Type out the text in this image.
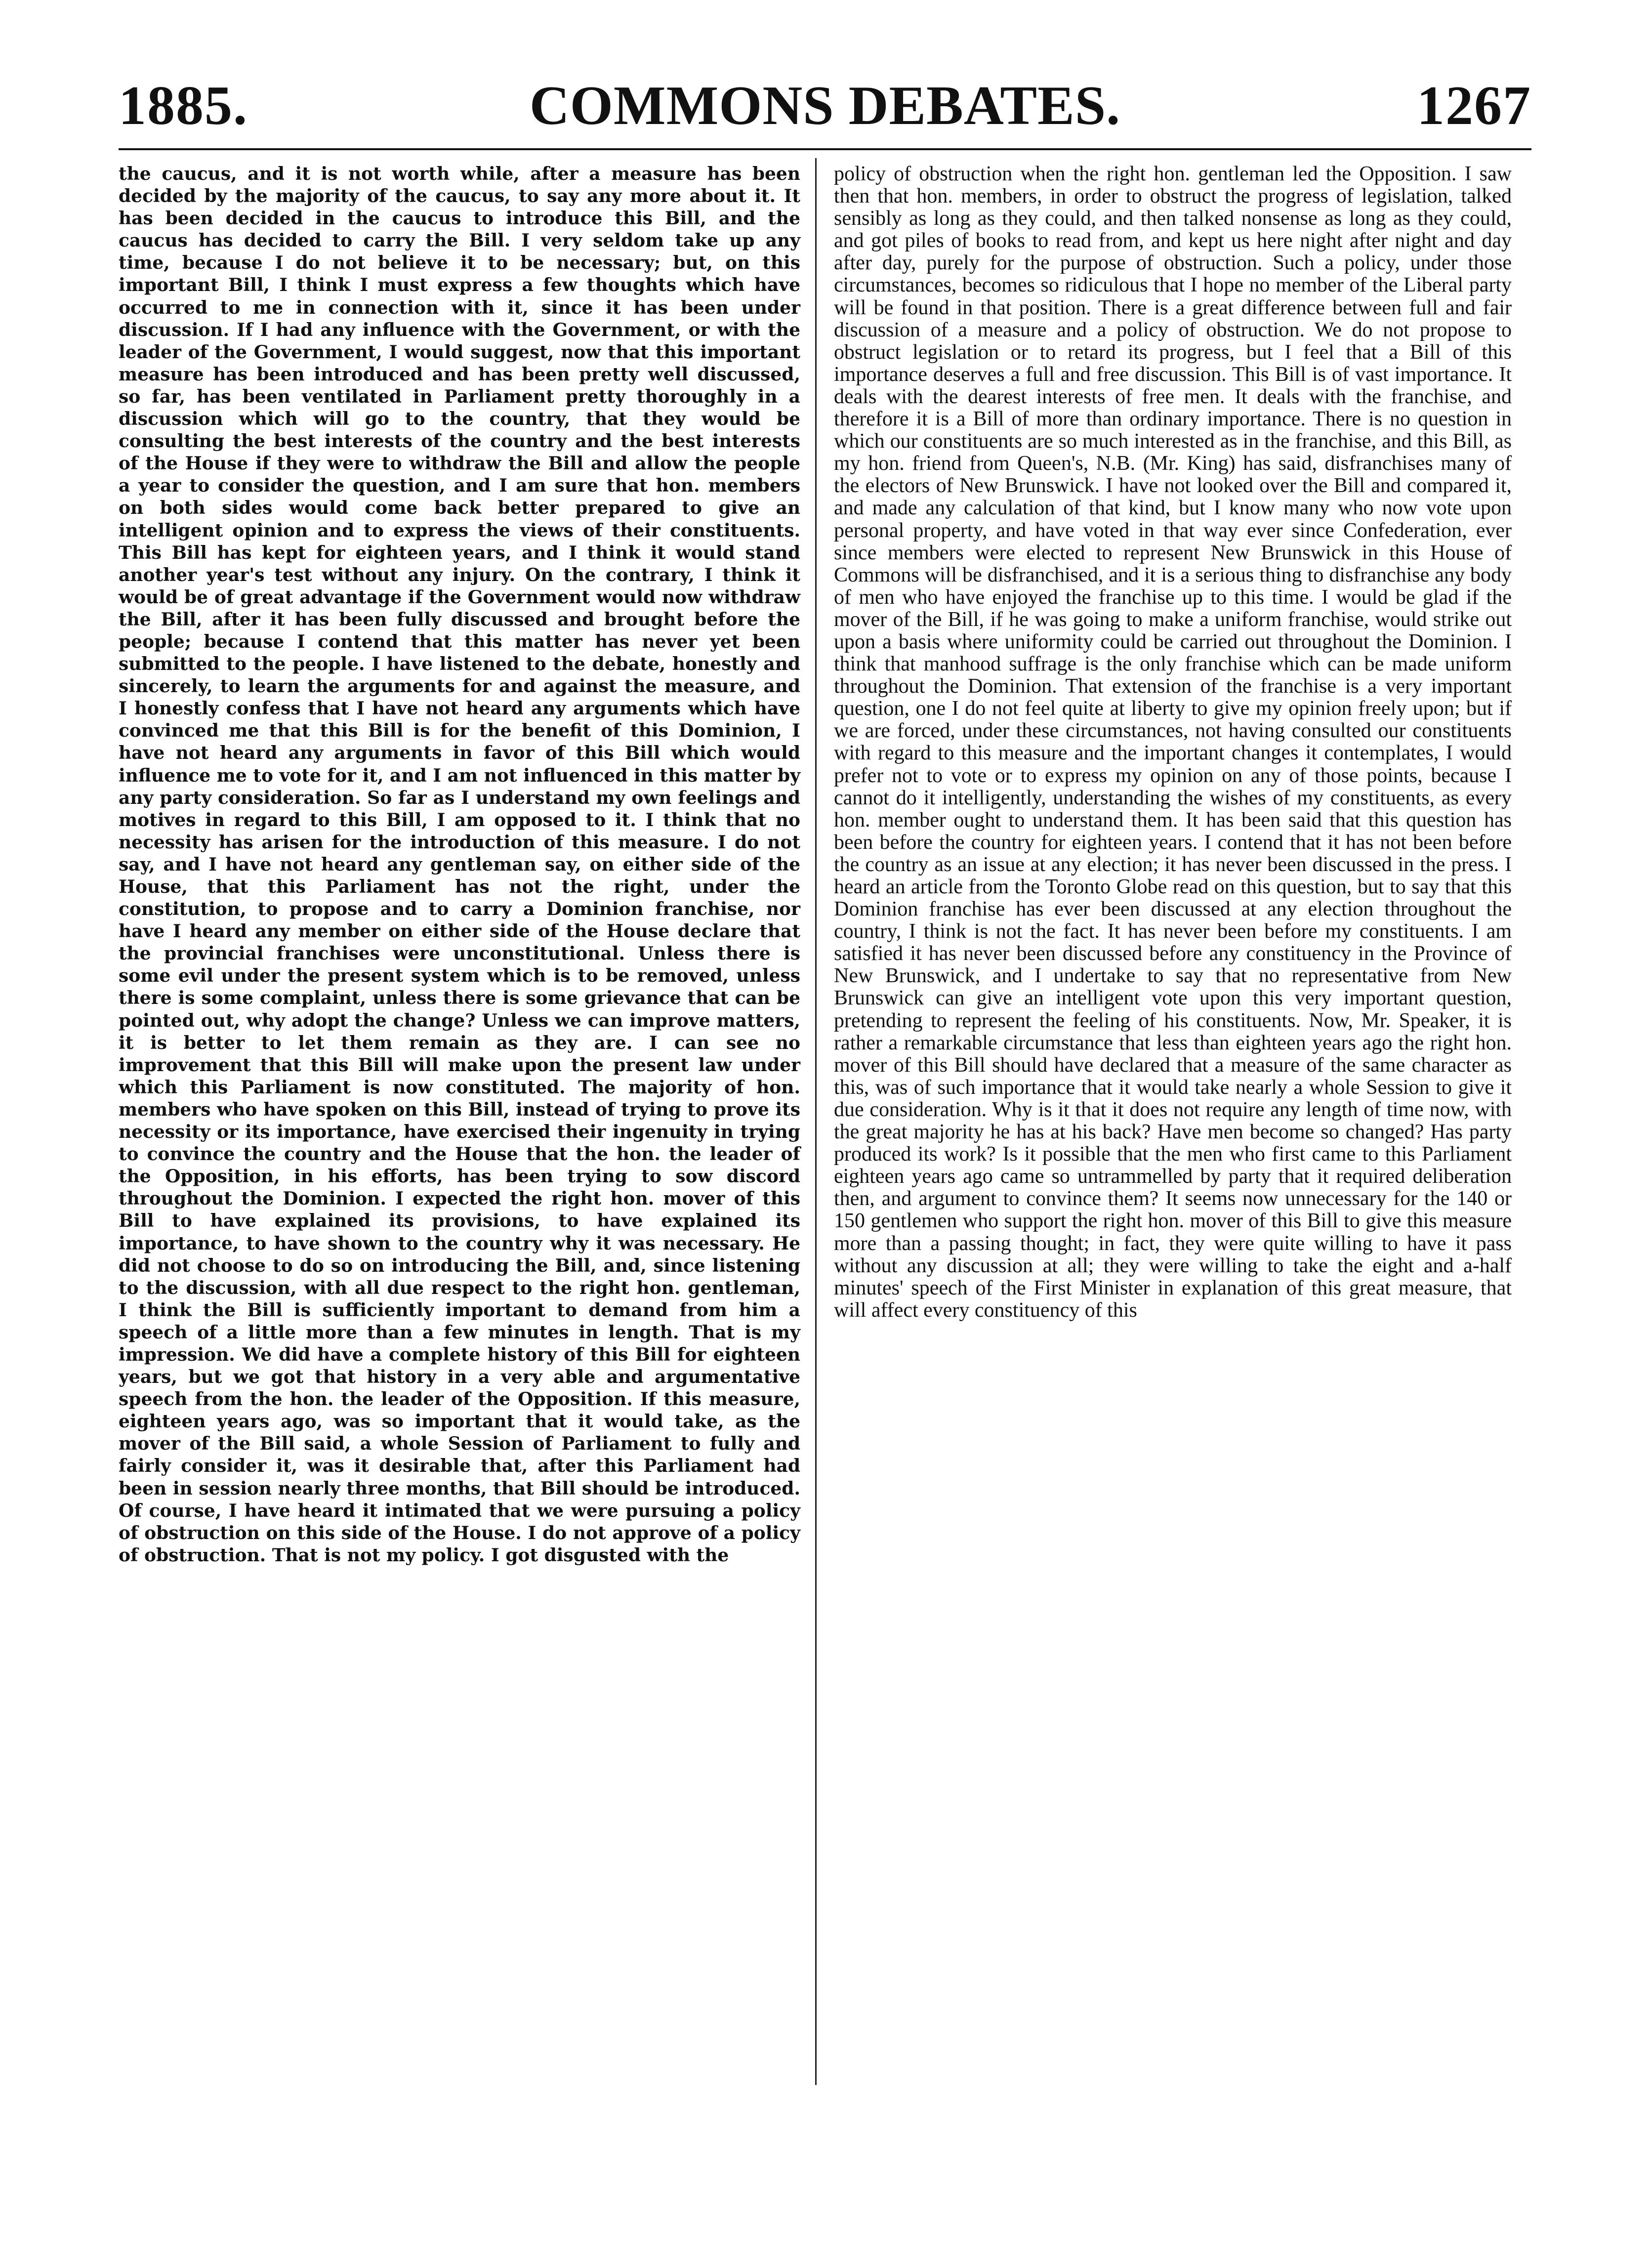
1885.	COMMONS DEBATES.	1267

the caucus, and it is not worth while, after a measure has been decided by the majority of the caucus, to say any more about it. It has been decided in the caucus to introduce this Bill, and the caucus has decided to carry the Bill. I very seldom take up any time, because I do not believe it to be necessary; but, on this important Bill, I think I must express a few thoughts which have occurred to me in connection with it, since it has been under discussion. If I had any influence with the Government, or with the leader of the Government, I would suggest, now that this important measure has been introduced and has been pretty well discussed, so far, has been ventilated in Parliament pretty thoroughly in a discussion which will go to the country, that they would be consulting the best interests of the country and the best interests of the House if they were to withdraw the Bill and allow the people a year to consider the question, and I am sure that hon. members on both sides would come back better prepared to give an intelligent opinion and to express the views of their constituents. This Bill has kept for eighteen years, and I think it would stand another year's test without any injury. On the contrary, I think it would be of great advantage if the Government would now withdraw the Bill, after it has been fully discussed and brought before the people; because I contend that this matter has never yet been submitted to the people. I have listened to the debate, honestly and sincerely, to learn the arguments for and against the measure, and I honestly confess that I have not heard any arguments which have convinced me that this Bill is for the benefit of this Dominion, I have not heard any arguments in favor of this Bill which would influence me to vote for it, and I am not influenced in this matter by any party consideration. So far as I understand my own feelings and motives in regard to this Bill, I am opposed to it. I think that no necessity has arisen for the introduction of this measure. I do not say, and I have not heard any gentleman say, on either side of the House, that this Parliament has not the right, under the constitution, to propose and to carry a Dominion franchise, nor have I heard any member on either side of the House declare that the provincial franchises were unconstitutional. Unless there is some evil under the present system which is to be removed, unless there is some complaint, unless there is some grievance that can be pointed out, why adopt the change? Unless we can improve matters, it is better to let them remain as they are. I can see no improvement that this Bill will make upon the present law under which this Parliament is now constituted. The majority of hon. members who have spoken on this Bill, instead of trying to prove its necessity or its importance, have exercised their ingenuity in trying to convince the country and the House that the hon. the leader of the Opposition, in his efforts, has been trying to sow discord throughout the Dominion. I expected the right hon. mover of this Bill to have explained its provisions, to have explained its importance, to have shown to the country why it was necessary. He did not choose to do so on introducing the Bill, and, since listening to the discussion, with all due respect to the right hon. gentleman, I think the Bill is sufficiently important to demand from him a speech of a little more than a few minutes in length. That is my impression. We did have a complete history of this Bill for eighteen years, but we got that history in a very able and argumentative speech from the hon. the leader of the Opposition. If this measure, eighteen years ago, was so important that it would take, as the mover of the Bill said, a whole Session of Parliament to fully and fairly consider it, was it desirable that, after this Parliament had been in session nearly three months, that Bill should be introduced. Of course, I have heard it intimated that we were pursuing a policy of obstruction on this side of the House. I do not approve of a policy of obstruction. That is not my policy. I got disgusted with the

policy of obstruction when the right hon. gentleman led the Opposition. I saw then that hon. members, in order to obstruct the progress of legislation, talked sensibly as long as they could, and then talked nonsense as long as they could, and got piles of books to read from, and kept us here night after night and day after day, purely for the purpose of obstruction. Such a policy, under those circumstances, becomes so ridiculous that I hope no member of the Liberal party will be found in that position. There is a great difference between full and fair discussion of a measure and a policy of obstruction. We do not propose to obstruct legislation or to retard its progress, but I feel that a Bill of this importance deserves a full and free discussion. This Bill is of vast importance. It deals with the dearest interests of free men. It deals with the franchise, and therefore it is a Bill of more than ordinary importance. There is no question in which our constituents are so much interested as in the franchise, and this Bill, as my hon. friend from Queen's, N.B. (Mr. King) has said, disfranchises many of the electors of New Brunswick. I have not looked over the Bill and compared it, and made any calculation of that kind, but I know many who now vote upon personal property, and have voted in that way ever since Confederation, ever since members were elected to represent New Brunswick in this House of Commons will be disfranchised, and it is a serious thing to disfranchise any body of men who have enjoyed the franchise up to this time. I would be glad if the mover of the Bill, if he was going to make a uniform franchise, would strike out upon a basis where uniformity could be carried out throughout the Dominion. I think that manhood suffrage is the only franchise which can be made uniform throughout the Dominion. That extension of the franchise is a very important question, one I do not feel quite at liberty to give my opinion freely upon; but if we are forced, under these circumstances, not having consulted our constituents with regard to this measure and the important changes it contemplates, I would prefer not to vote or to express my opinion on any of those points, because I cannot do it intelligently, understanding the wishes of my constituents, as every hon. member ought to understand them. It has been said that this question has been before the country for eighteen years. I contend that it has not been before the country as an issue at any election; it has never been discussed in the press. I heard an article from the Toronto Globe read on this question, but to say that this Dominion franchise has ever been discussed at any election throughout the country, I think is not the fact. It has never been before my constituents. I am satisfied it has never been discussed before any constituency in the Province of New Brunswick, and I undertake to say that no representative from New Brunswick can give an intelligent vote upon this very important question, pretending to represent the feeling of his constituents. Now, Mr. Speaker, it is rather a remarkable circumstance that less than eighteen years ago the right hon. mover of this Bill should have declared that a measure of the same character as this, was of such importance that it would take nearly a whole Session to give it due consideration. Why is it that it does not require any length of time now, with the great majority he has at his back? Have men become so changed? Has party produced its work? Is it possible that the men who first came to this Parliament eighteen years ago came so untrammelled by party that it required deliberation then, and argument to convince them? It seems now unnecessary for the 140 or 150 gentlemen who support the right hon. mover of this Bill to give this measure more than a passing thought; in fact, they were quite willing to have it pass without any discussion at all; they were willing to take the eight and a-half minutes' speech of the First Minister in explanation of this great measure, that will affect every constituency of this
